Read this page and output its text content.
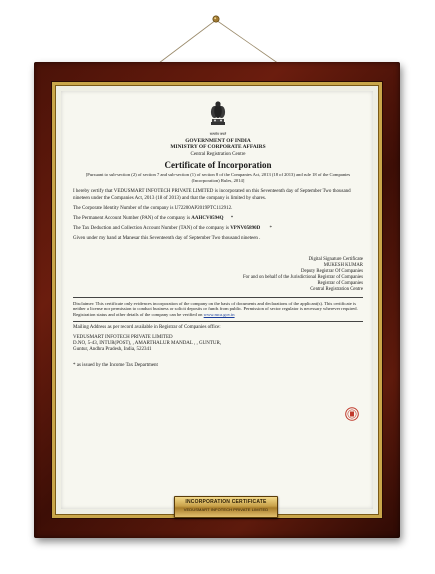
सत्यमेव जयते

GOVERNMENT OF INDIA

MINISTRY OF CORPORATE AFFAIRS

Central Registration Centre

Certificate of Incorporation

[Pursuant to sub-section (2) of section 7 and sub-section (1) of section 8 of the Companies Act, 2013 (18 of 2013) and rule 18 of the Companies (Incorporation) Rules, 2014]

I hereby certify that VEDUSMART INFOTECH PRIVATE LIMITED is incorporated on this Seventeenth day of September Two thousand nineteen under the Companies Act, 2013 (18 of 2013) and that the company is limited by shares.

The Corporate Identity Number of the company is U72200AP2019PTC112912.

The Permanent Account Number (PAN) of the company is AAHCV0594Q *

The Tax Deduction and Collection Account Number (TAN) of the company is VPNV05890D *

Given under my hand at Manesar this Seventeenth day of September Two thousand nineteen .

Digital Signature Certificate

MUKESH KUMAR

Deputy Registrar Of Companies

For and on behalf of the Jurisdictional Registrar of Companies

Registrar of Companies

Central Registration Centre

Disclaimer: This certificate only evidences incorporation of the company on the basis of documents and declarations of the applicant(s). This certificate is neither a license nor permission to conduct business or solicit deposits or funds from public. Permission of sector regulator is necessary wherever required. Registration status and other details of the company can be verified on www.mca.gov.in

Mailing Address as per record available in Registrar of Companies office:

VEDUSMART INFOTECH PRIVATE LIMITED

D.NO, 5-43, INTUR(POST), , AMARTHALUR MANDAL , , GUNTUR,

Guntur, Andhra Pradesh, India, 522341

* as issued by the Income Tax Department

INCORPORATION CERTIFICATE
VEDUSMART INFOTECH PRIVATE LIMITED
